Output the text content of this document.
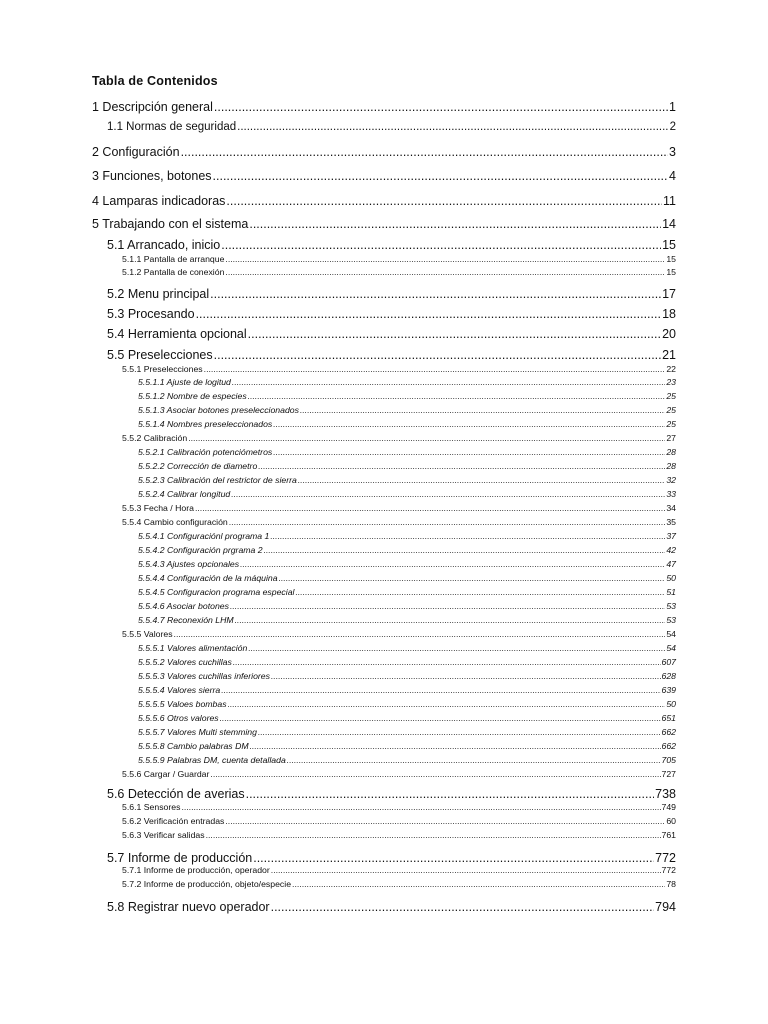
Tabla de Contenidos
1 Descripción general .....	1
1.1 Normas de seguridad .....	2
2 Configuración .....	3
3 Funciones, botones .....	4
4 Lamparas indicadoras .....	11
5 Trabajando con el sistema .....	14
5.1 Arrancado, inicio .....	15
5.1.1 Pantalla de arranque .....	15
5.1.2 Pantalla de conexión .....	15
5.2 Menu principal .....	17
5.3 Procesando .....	18
5.4 Herramienta opcional .....	20
5.5 Preselecciones .....	21
5.5.1 Preselecciones .....	22
5.5.1.1 Ajuste de logitud .....	23
5.5.1.2 Nombre de especies .....	25
5.5.1.3 Asociar botones preseleccionados .....	25
5.5.1.4 Nombres preseleccionados .....	25
5.5.2 Calibración .....	27
5.5.2.1 Calibración potenciómetros .....	28
5.5.2.2 Corrección de diametro .....	28
5.5.2.3 Calibración del restrictor de sierra .....	32
5.5.2.4 Calibrar longitud .....	33
5.5.3 Fecha / Hora .....	34
5.5.4 Cambio configuración .....	35
5.5.4.1 Configuraciónl programa 1 .....	37
5.5.4.2 Configuración prgrama 2 .....	42
5.5.4.3 Ajustes opcionales .....	47
5.5.4.4 Configuración de la máquina .....	50
5.5.4.5 Configuracion programa especial .....	51
5.5.4.6 Asociar botones .....	53
5.5.4.7 Reconexión LHM .....	53
5.5.5 Valores .....	54
5.5.5.1 Valores alimentación .....	54
5.5.5.2 Valores cuchillas .....	607
5.5.5.3 Valores cuchillas inferiores .....	628
5.5.5.4 Valores sierra .....	639
5.5.5.5 Valoes bombas .....	50
5.5.5.6 Otros valores .....	651
5.5.5.7 Valores Multi stemming .....	662
5.5.5.8 Cambio palabras DM .....	662
5.5.5.9 Palabras DM, cuenta detallada .....	705
5.5.6 Cargar / Guardar .....	727
5.6 Detección de averias .....	738
5.6.1 Sensores .....	749
5.6.2 Verificación entradas .....	60
5.6.3 Verificar salidas .....	761
5.7 Informe de producción .....	772
5.7.1 Informe de producción, operador .....	772
5.7.2 Informe de producción, objeto/especie .....	78
5.8 Registrar nuevo operador .....	794
